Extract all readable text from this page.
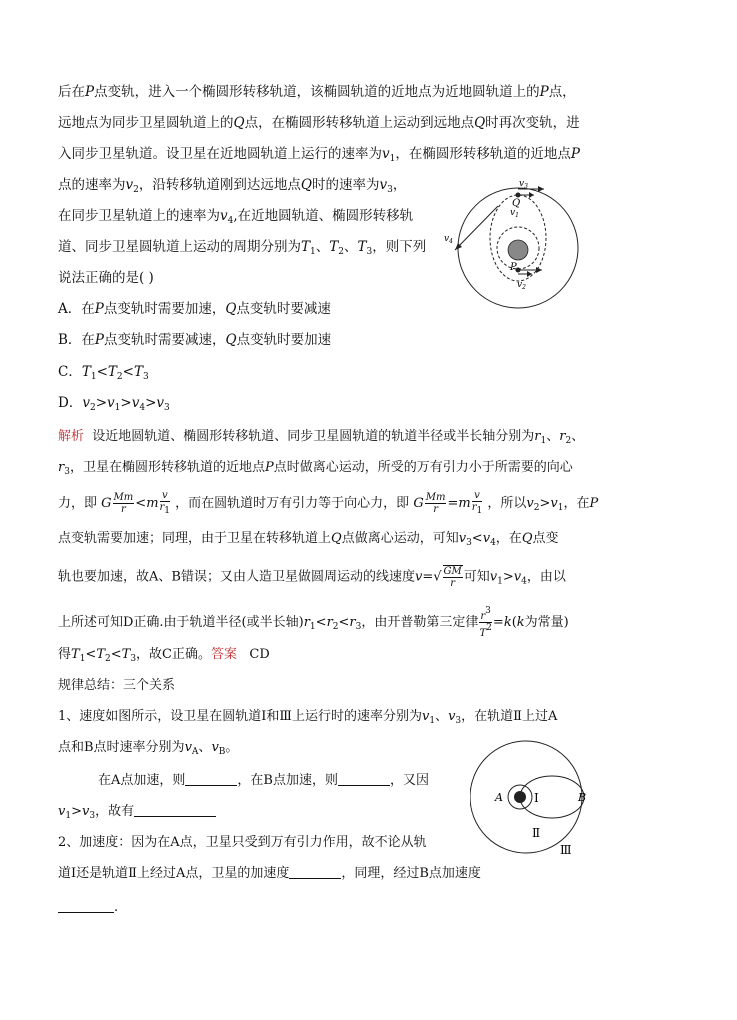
后在P点变轨，进入一个椭圆形转移轨道，该椭圆轨道的近地点为近地圆轨道上的P点，
远地点为同步卫星圆轨道上的Q点，在椭圆形转移轨道上运动到远地点Q时再次变轨，进
入同步卫星轨道。设卫星在近地圆轨道上运行的速率为$v_1$，在椭圆形转移轨道的近地点P
点的速率为$v_2$，沿转移轨道刚到达远地点Q时的速率为$v_3$，
在同步卫星轨道上的速率为$v_4$,在近地圆轨道、椭圆形转移轨
道、同步卫星圆轨道上运动的周期分别为$T_1$、$T_2$、$T_3$，则下列
说法正确的是( )
$v_3$
$v_1$
Q
P
$v_2$
$v_4$
A．在P点变轨时需要加速，Q点变轨时要减速
B．在P点变轨时需要减速，Q点变轨时要加速
C．$T_1<T_2<T_3$
D．$v_2>v_1>v_4>v_3$
解析 设近地圆轨道、椭圆形转移轨道、同步卫星圆轨道的轨道半径或半长轴分别为$r_1$、$r_2$、
$r_3$，卫星在椭圆形转移轨道的近地点P点时做离心运动，所受的万有引力小于所需要的向心
力，即 G $\frac{Mm}{r} <m \frac{v}{r_1}$ ，而在圆轨道时万有引力等于向心力，即 G $\frac{Mm}{r} =m \frac{v}{r_1}$ ，所以$v_2>v_1$，在P
点变轨需要加速；同理，由于卫星在转移轨道上Q点做离心运动，可知$v_3<v_4$，在Q点变
轨也要加速，故A、B错误；又由人造卫星做圆周运动的线速度$v=√ \frac{GM}{r}$ 可知$v_1>v_4$，由以
上所述可知D正确.由于轨道半径(或半长轴)$r_1<r_2<r_3$，由开普勒第三定律 $\frac{r^3}{T^2} =k(k$为常量)
得$T_1<T_2<T_3$，故C正确。答案 CD
规律总结：三个关系
1、速度如图所示，设卫星在圆轨道Ⅰ和Ⅲ上运行时的速率分别为$v_1$、$v_3$，在轨道Ⅱ上过A
点和B点时速率分别为$v_A$、$v_B$。
在A点加速，则	，在B点加速，则	，又因
$v_1>v_3$，故有
2、加速度：因为在A点，卫星只受到万有引力作用，故不论从轨
道Ⅰ还是轨道Ⅱ上经过A点，卫星的加速度	，同理，经过B点加速度
.
A	B
Ⅰ
Ⅱ
Ⅲ
